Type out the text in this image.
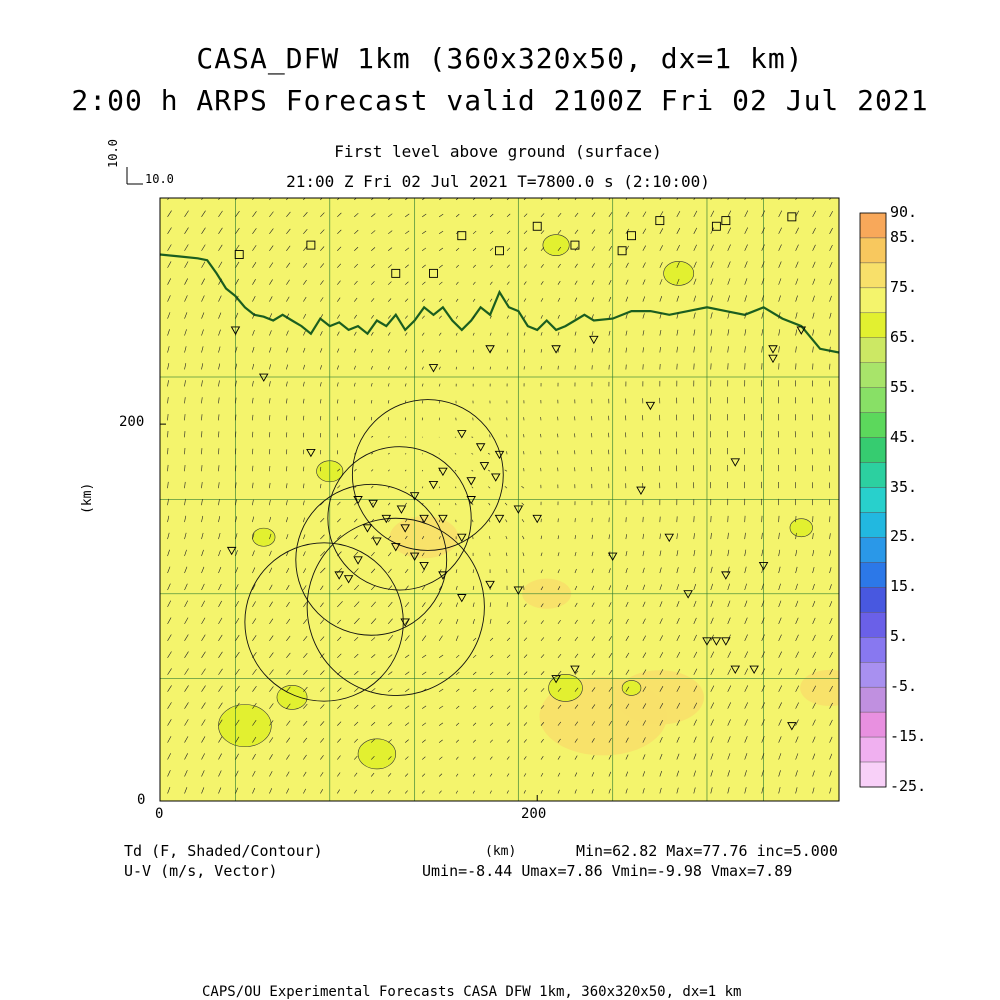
CASA_DFW 1km (360x320x50, dx=1 km)
2:00 h ARPS Forecast valid 2100Z Fri 02 Jul 2021
First level above ground (surface)
21:00 Z Fri 02 Jul 2021 T=7800.0 s (2:10:00)
10.0
10.0
(km)
200
0
0	200
90.
85.
75.
65.
55.
45.
35.
25.
15.
5.
-5.
-15.
-25.
Td (F, Shaded/Contour)
U-V (m/s, Vector)
(km)	Min=62.82 Max=77.76 inc=5.000
Umin=-8.44 Umax=7.86 Vmin=-9.98 Vmax=7.89
CAPS/OU Experimental Forecasts CASA DFW 1km, 360x320x50, dx=1 km
